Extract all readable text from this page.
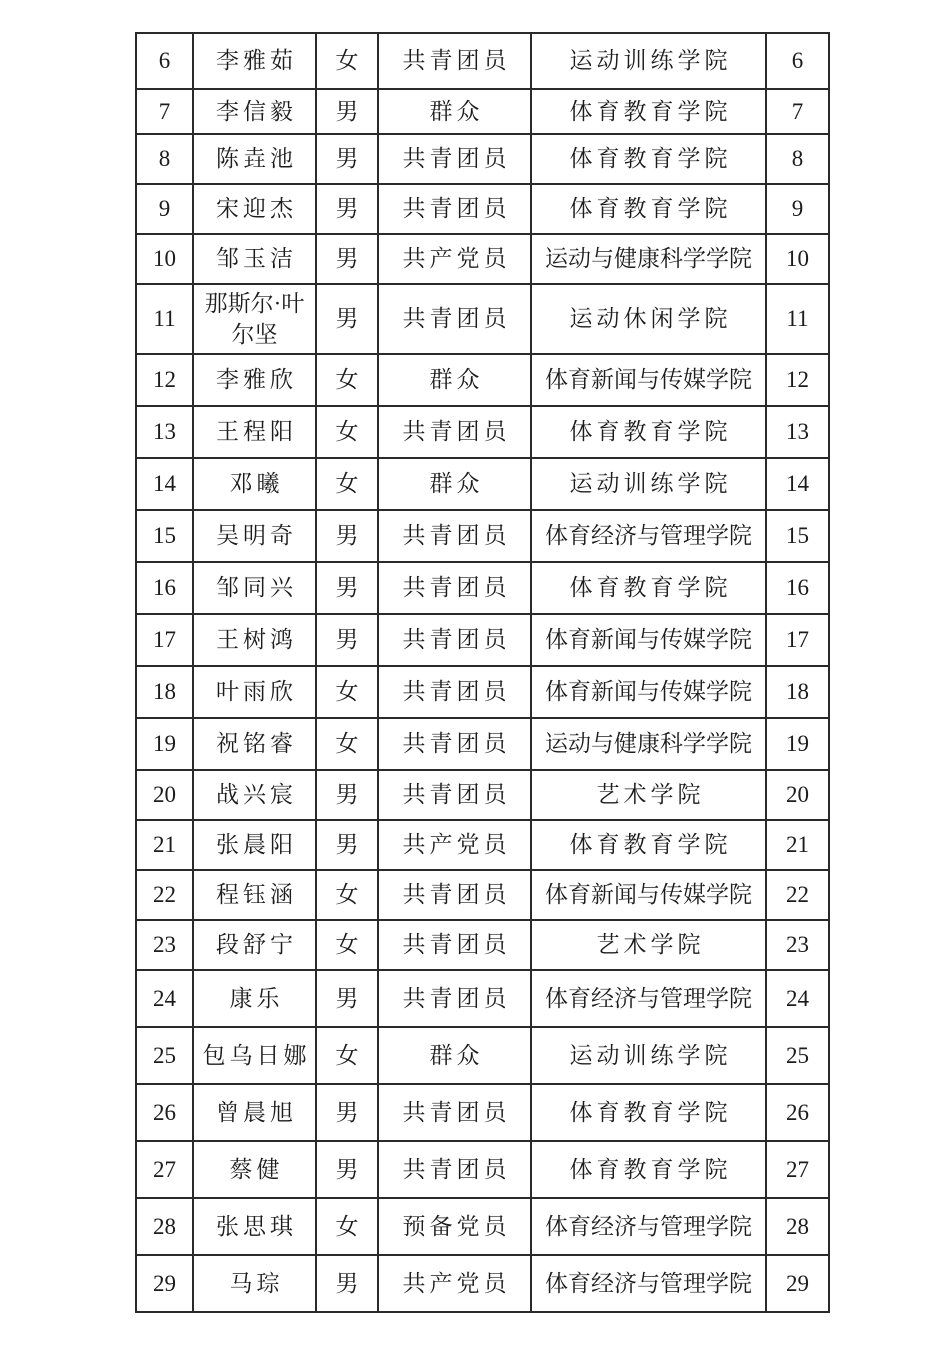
6	李雅茹	女	共青团员	运动训练学院	6
7	李信毅	男	群众	体育教育学院	7
8	陈垚池	男	共青团员	体育教育学院	8
9	宋迎杰	男	共青团员	体育教育学院	9
10	邹玉洁	男	共产党员	运动与健康科学学院	10
11	那斯尔·叶尔坚	男	共青团员	运动休闲学院	11
12	李雅欣	女	群众	体育新闻与传媒学院	12
13	王程阳	女	共青团员	体育教育学院	13
14	邓曦	女	群众	运动训练学院	14
15	吴明奇	男	共青团员	体育经济与管理学院	15
16	邹同兴	男	共青团员	体育教育学院	16
17	王树鸿	男	共青团员	体育新闻与传媒学院	17
18	叶雨欣	女	共青团员	体育新闻与传媒学院	18
19	祝铭睿	女	共青团员	运动与健康科学学院	19
20	战兴宸	男	共青团员	艺术学院	20
21	张晨阳	男	共产党员	体育教育学院	21
22	程钰涵	女	共青团员	体育新闻与传媒学院	22
23	段舒宁	女	共青团员	艺术学院	23
24	康乐	男	共青团员	体育经济与管理学院	24
25	包乌日娜	女	群众	运动训练学院	25
26	曾晨旭	男	共青团员	体育教育学院	26
27	蔡健	男	共青团员	体育教育学院	27
28	张思琪	女	预备党员	体育经济与管理学院	28
29	马琮	男	共产党员	体育经济与管理学院	29
